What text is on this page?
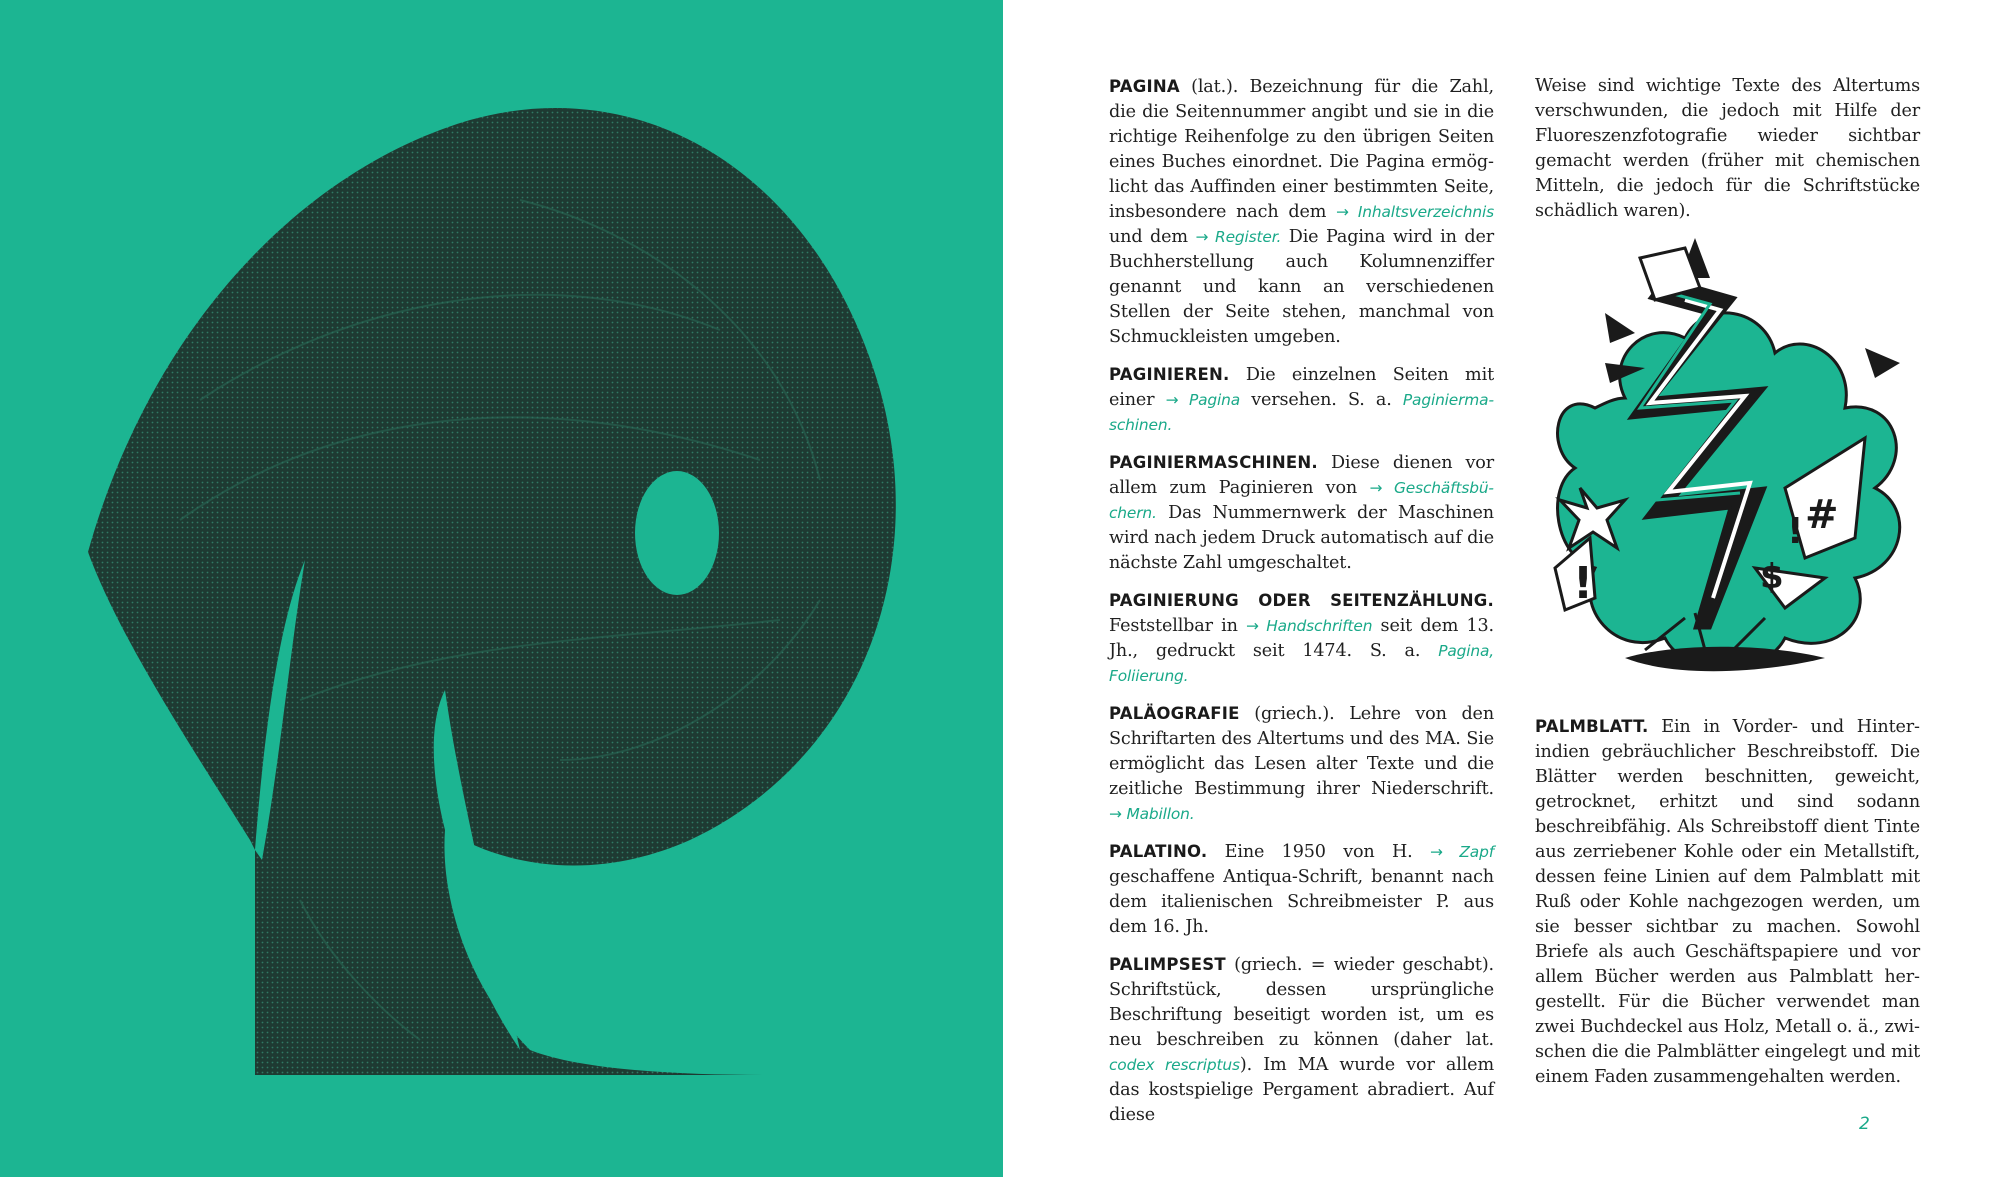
PAGINA (lat.). Bezeichnung für die Zahl, die die Seitennummer angibt und sie in die richtige Reihenfolge zu den übrigen Seiten eines Buches einordnet. Die Pagina ermöglicht das Auffinden einer bestimmten Seite, insbesondere nach dem → Inhaltsverzeichnis und dem → Register. Die Pagina wird in der Buchherstellung auch Kolumnenziffer genannt und kann an verschiedenen Stellen der Seite stehen, manchmal von Schmuckleisten umgeben.

PAGINIEREN. Die einzelnen Seiten mit einer → Pagina versehen. S. a. Paginiermaschinen.

PAGINIERMASCHINEN. Diese dienen vor allem zum Paginieren von → Geschäftsbüchern. Das Nummernwerk der Maschinen wird nach jedem Druck automatisch auf die nächste Zahl umgeschaltet.

PAGINIERUNG ODER SEITENZÄHLUNG. Feststellbar in → Handschriften seit dem 13. Jh., gedruckt seit 1474. S. a. Pagina, Foliierung.

PALÄOGRAFIE (griech.). Lehre von den Schriftarten des Altertums und des MA. Sie ermöglicht das Lesen alter Texte und die zeitliche Bestimmung ihrer Niederschrift. → Mabillon.

PALATINO. Eine 1950 von H. → Zapf geschaffene Antiqua-Schrift, benannt nach dem italienischen Schreibmeister P. aus dem 16. Jh.

PALIMPSEST (griech. = wieder geschabt). Schriftstück, dessen ursprüngliche Beschriftung beseitigt worden ist, um es neu beschreiben zu können (daher lat. codex rescriptus). Im MA wurde vor allem das kostspielige Pergament abradiert. Auf diese

Weise sind wichtige Texte des Altertums verschwunden, die jedoch mit Hilfe der Fluoreszenzfotografie wieder sichtbar gemacht werden (früher mit chemischen Mitteln, die jedoch für die Schriftstücke schädlich waren).

#
$
!
!

PALMBLATT. Ein in Vorder- und Hinterindien gebräuchlicher Beschreibstoff. Die Blätter werden beschnitten, geweicht, getrocknet, erhitzt und sind sodann beschreibfähig. Als Schreibstoff dient Tinte aus zerriebener Kohle oder ein Metallstift, dessen feine Linien auf dem Palmblatt mit Ruß oder Kohle nachgezogen werden, um sie besser sichtbar zu machen. Sowohl Briefe als auch Geschäftspapiere und vor allem Bücher werden aus Palmblatt hergestellt. Für die Bücher verwendet man zwei Buchdeckel aus Holz, Metall o. ä., zwischen die die Palmblätter eingelegt und mit einem Faden zusammengehalten werden.

2
